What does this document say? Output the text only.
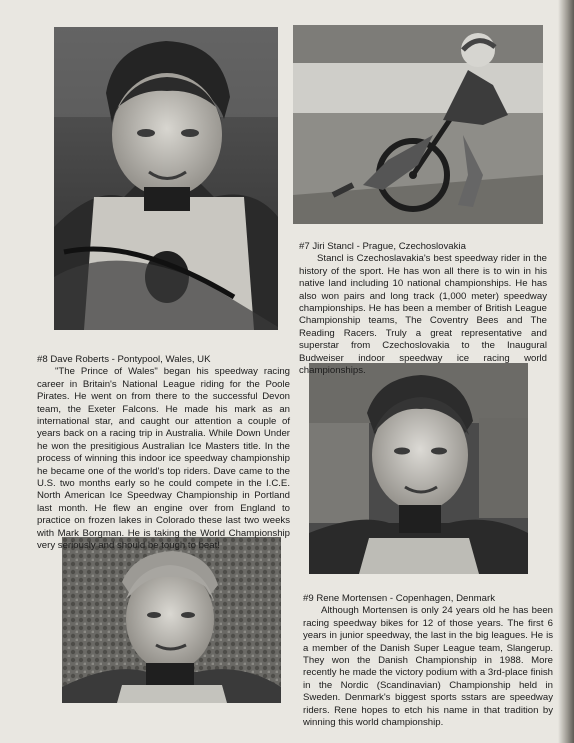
#7 Jiri Stancl - Prague, Czechoslovakia
Stancl is Czechoslavakia's best speedway rider in the history of the sport. He has won all there is to win in his native land including 10 national championships. He has also won pairs and long track (1,000 meter) speedway championships. He has been a member of British League Championship teams, The Coventry Bees and The Reading Racers. Truly a great representative and superstar from Czechoslovakia to the Inaugural Budweiser indoor speedway ice racing world championships.

#8 Dave Roberts - Pontypool, Wales, UK
"The Prince of Wales" began his speedway racing career in Britain's National League riding for the Poole Pirates. He went on from there to the successful Devon team, the Exeter Falcons. He made his mark as an international star, and caught our attention a couple of years back on a racing trip in Australia. While Down Under he won the presitigious Australian Ice Masters title. In the process of winning this indoor ice speedway championship he became one of the world's top riders. Dave came to the U.S. two months early so he could compete in the I.C.E. North American Ice Speedway Championship in Portland last month. He flew an engine over from England to practice on frozen lakes in Colorado these last two weeks with Mark Borgman. He is taking the World Championship very seriously and should be tough to beat!

#9 Rene Mortensen - Copenhagen, Denmark
Although Mortensen is only 24 years old he has been racing speedway bikes for 12 of those years. The first 6 years in junior speedway, the last in the big leagues. He is a member of the Danish Super League team, Slangerup. They won the Danish Championship in 1988. More recently he made the victory podium with a 3rd-place finish in the Nordic (Scandinavian) Championship held in Sweden. Denmark's biggest sports sstars are speedway riders. Rene hopes to etch his name in that tradition by winning this world championship.
